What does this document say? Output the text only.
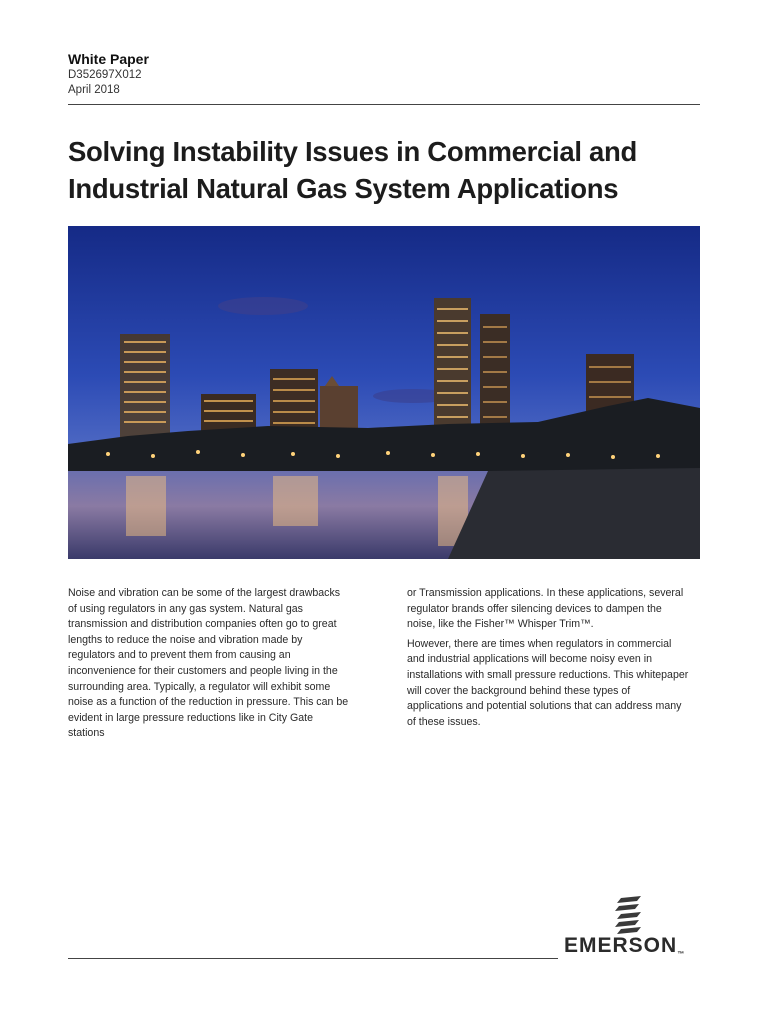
White Paper
D352697X012
April 2018
Solving Instability Issues in Commercial and Industrial Natural Gas System Applications

Noise and vibration can be some of the largest drawbacks of using regulators in any gas system. Natural gas transmission and distribution companies often go to great lengths to reduce the noise and vibration made by regulators and to prevent them from causing an inconvenience for their customers and people living in the surrounding area. Typically, a regulator will exhibit some noise as a function of the reduction in pressure. This can be evident in large pressure reductions like in City Gate stations

or Transmission applications. In these applications, several regulator brands offer silencing devices to dampen the noise, like the Fisher™ Whisper Trim™.

However, there are times when regulators in commercial and industrial applications will become noisy even in installations with small pressure reductions. This whitepaper will cover the background behind these types of applications and potential solutions that can address many of these issues.

EMERSON™
